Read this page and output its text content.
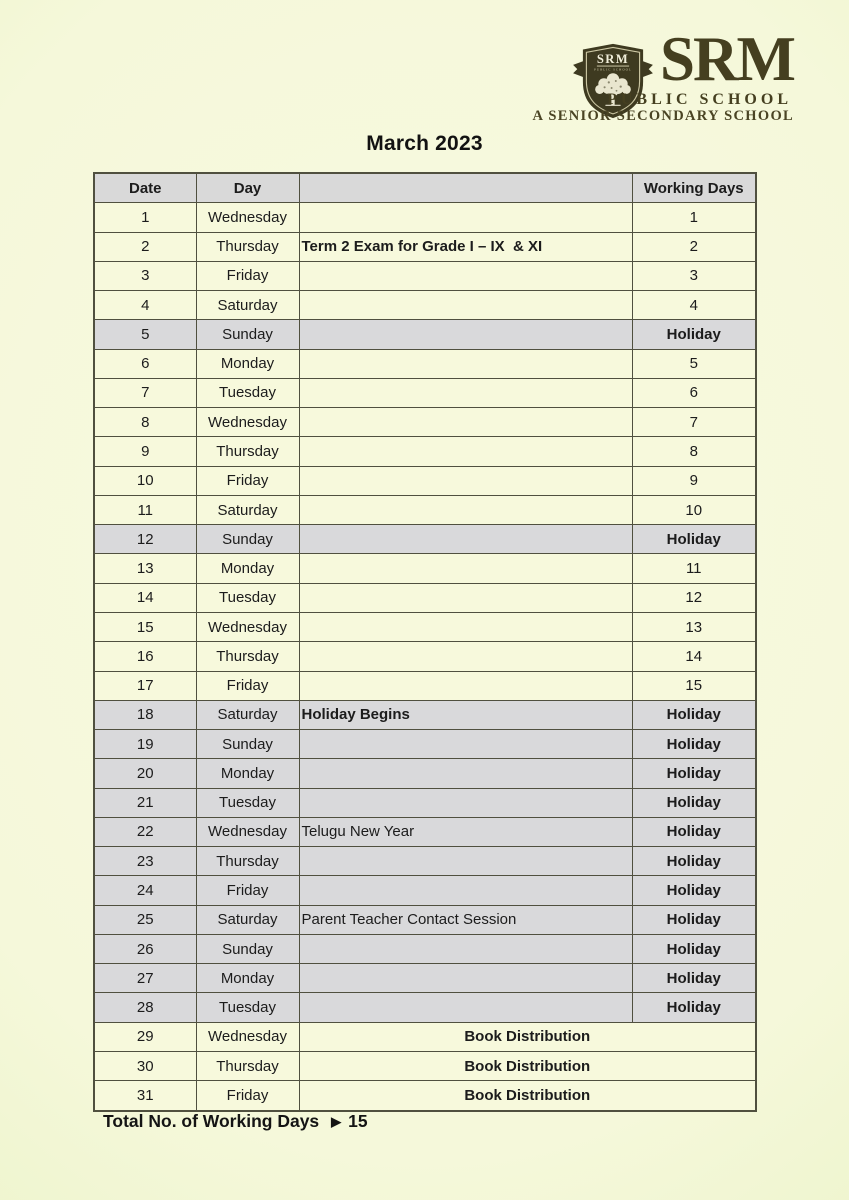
SRM
PUBLIC SCHOOL SRM
PUBLIC SCHOOL
A SENIOR SECONDARY SCHOOL
March 2023
Date	Day		Working Days
1	Wednesday		1
2	Thursday	Term 2 Exam for Grade I – IX  & XI	2
3	Friday		3
4	Saturday		4
5	Sunday		Holiday
6	Monday		5
7	Tuesday		6
8	Wednesday		7
9	Thursday		8
10	Friday		9
11	Saturday		10
12	Sunday		Holiday
13	Monday		11
14	Tuesday		12
15	Wednesday		13
16	Thursday		14
17	Friday		15
18	Saturday	Holiday Begins	Holiday
19	Sunday		Holiday
20	Monday		Holiday
21	Tuesday		Holiday
22	Wednesday	Telugu New Year	Holiday
23	Thursday		Holiday
24	Friday		Holiday
25	Saturday	Parent Teacher Contact Session	Holiday
26	Sunday		Holiday
27	Monday		Holiday
28	Tuesday		Holiday
29	Wednesday	Book Distribution	
30	Thursday	Book Distribution	
31	Friday	Book Distribution	
Total No. of Working Days ▶ 15
